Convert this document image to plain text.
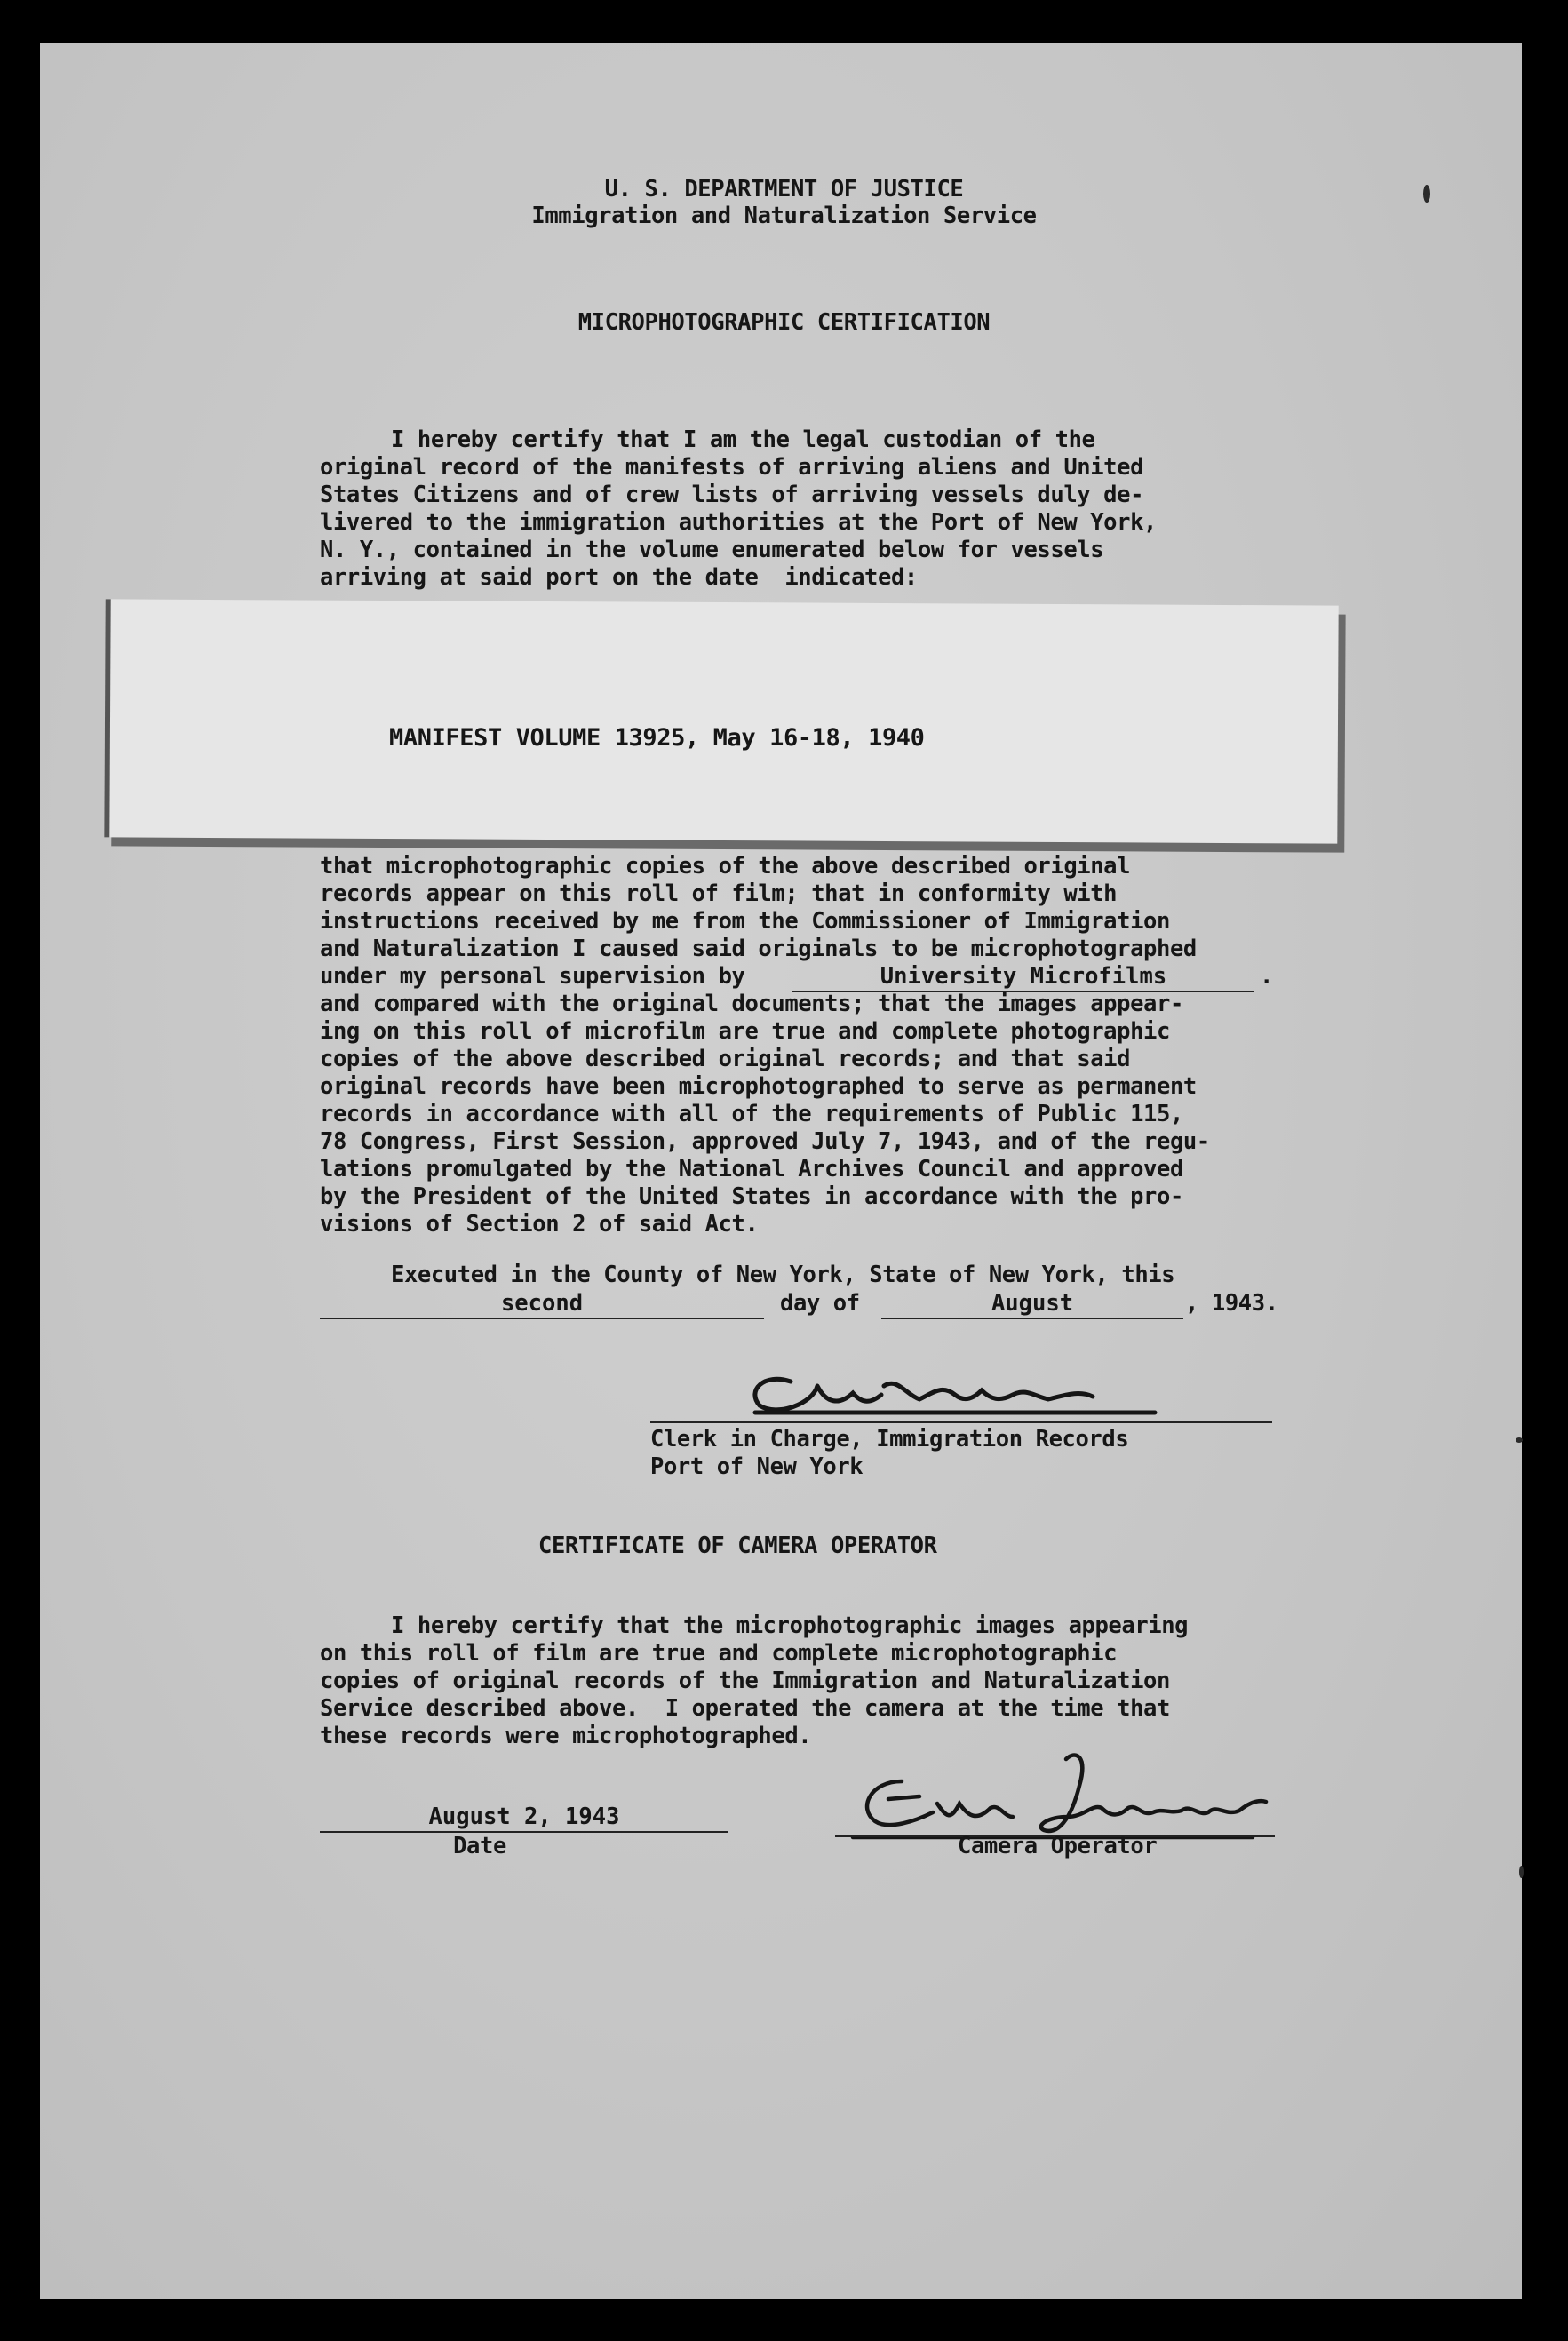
U. S. DEPARTMENT OF JUSTICE
Immigration and Naturalization Service
MICROPHOTOGRAPHIC CERTIFICATION
I hereby certify that I am the legal custodian of the
original record of the manifests of arriving aliens and United
States Citizens and of crew lists of arriving vessels duly de-
livered to the immigration authorities at the Port of New York,
N. Y., contained in the volume enumerated below for vessels
arriving at said port on the date  indicated:
MANIFEST VOLUME 13925, May 16-18, 1940
that microphotographic copies of the above described original
records appear on this roll of film; that in conformity with
instructions received by me from the Commissioner of Immigration
and Naturalization I caused said originals to be microphotographed
under my personal supervision by	University Microfilms	.
and compared with the original documents; that the images appear-
ing on this roll of microfilm are true and complete photographic
copies of the above described original records; and that said
original records have been microphotographed to serve as permanent
records in accordance with all of the requirements of Public 115,
78 Congress, First Session, approved July 7, 1943, and of the regu-
lations promulgated by the National Archives Council and approved
by the President of the United States in accordance with the pro-
visions of Section 2 of said Act.
Executed in the County of New York, State of New York, this
second	day of	August	, 1943.
Clerk in Charge, Immigration Records
Port of New York
CERTIFICATE OF CAMERA OPERATOR
I hereby certify that the microphotographic images appearing
on this roll of film are true and complete microphotographic
copies of original records of the Immigration and Naturalization
Service described above.  I operated the camera at the time that
these records were microphotographed.
August 2, 1943
Date
Eva Jackson
Camera Operator
